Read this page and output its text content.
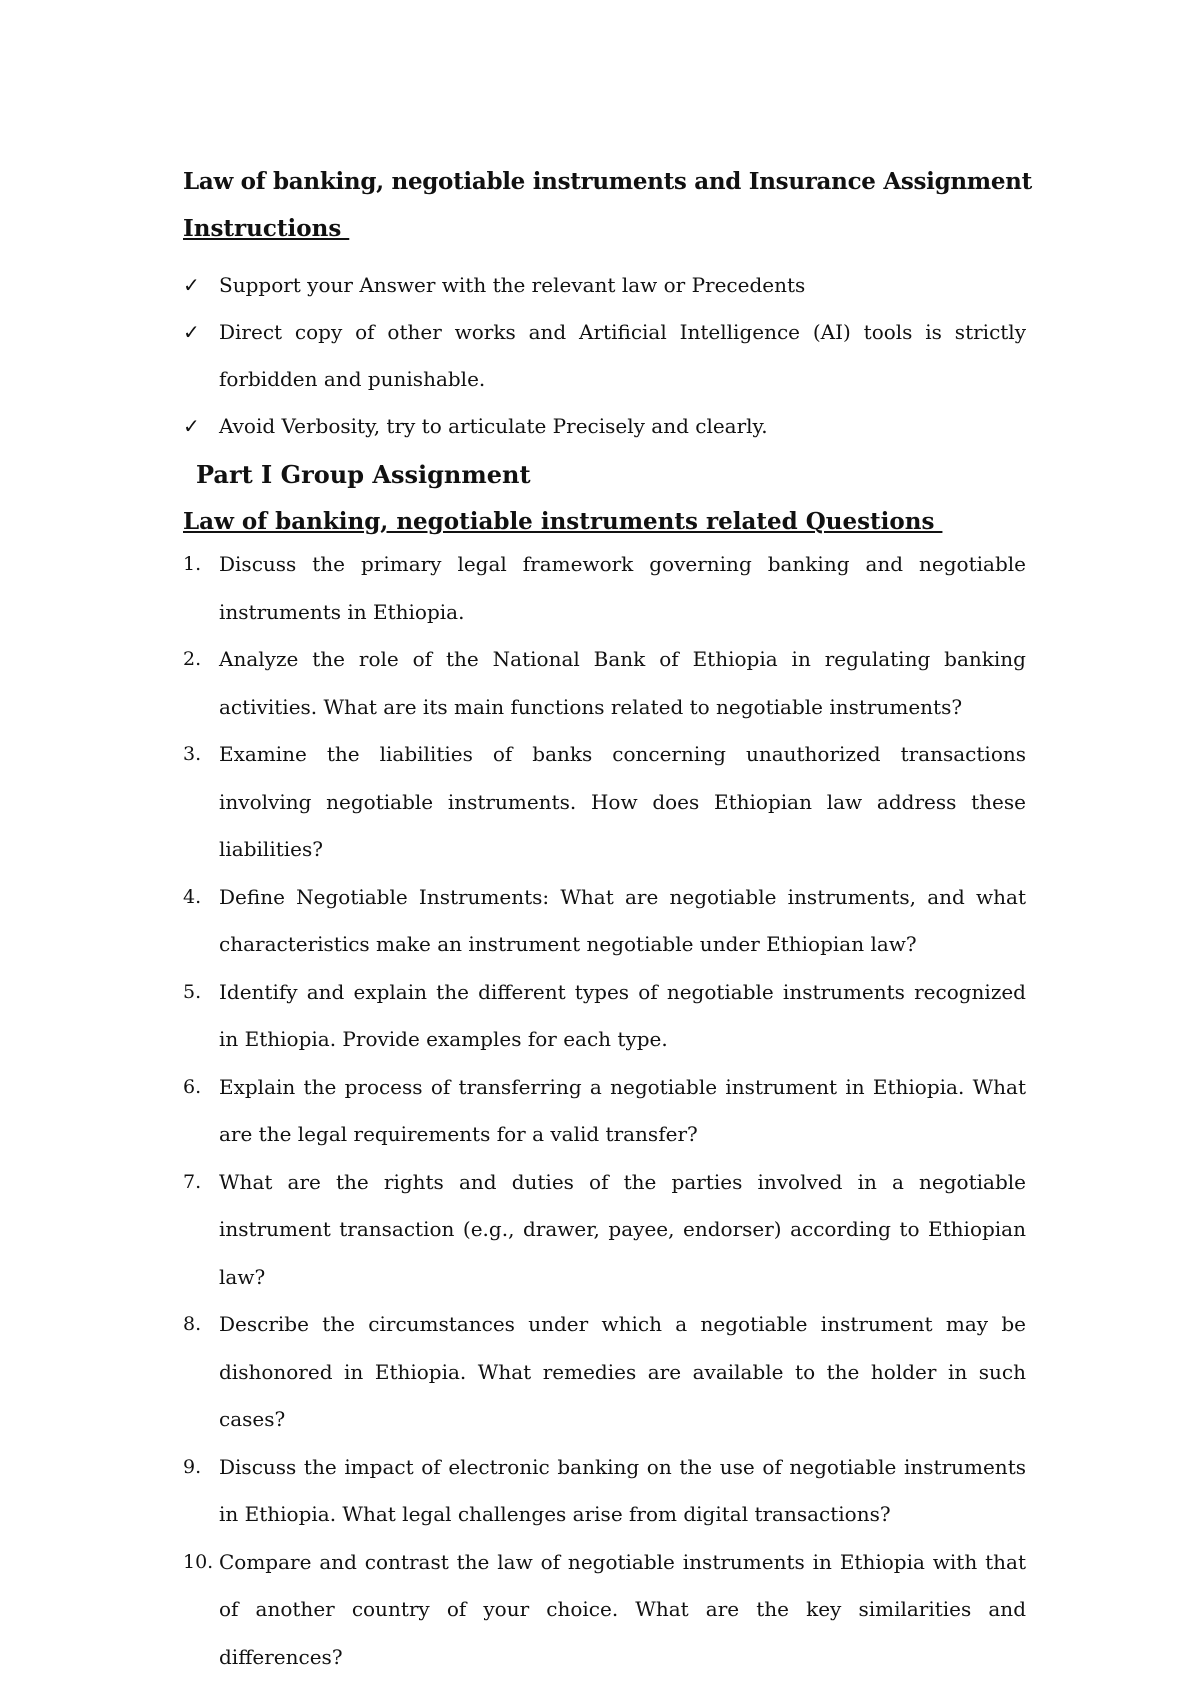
Law of banking, negotiable instruments and Insurance Assignment
Instructions
✓ Support your Answer with the relevant law or Precedents
✓ Direct copy of other works and Artificial Intelligence (AI) tools is strictly forbidden and punishable.
✓ Avoid Verbosity, try to articulate Precisely and clearly.
Part I Group Assignment
Law of banking, negotiable instruments related Questions
1. Discuss the primary legal framework governing banking and negotiable instruments in Ethiopia.
2. Analyze the role of the National Bank of Ethiopia in regulating banking activities. What are its main functions related to negotiable instruments?
3. Examine the liabilities of banks concerning unauthorized transactions involving negotiable instruments. How does Ethiopian law address these liabilities?
4. Define Negotiable Instruments: What are negotiable instruments, and what characteristics make an instrument negotiable under Ethiopian law?
5. Identify and explain the different types of negotiable instruments recognized in Ethiopia. Provide examples for each type.
6. Explain the process of transferring a negotiable instrument in Ethiopia. What are the legal requirements for a valid transfer?
7. What are the rights and duties of the parties involved in a negotiable instrument transaction (e.g., drawer, payee, endorser) according to Ethiopian law?
8. Describe the circumstances under which a negotiable instrument may be dishonored in Ethiopia. What remedies are available to the holder in such cases?
9. Discuss the impact of electronic banking on the use of negotiable instruments in Ethiopia. What legal challenges arise from digital transactions?
10. Compare and contrast the law of negotiable instruments in Ethiopia with that of another country of your choice. What are the key similarities and differences?
